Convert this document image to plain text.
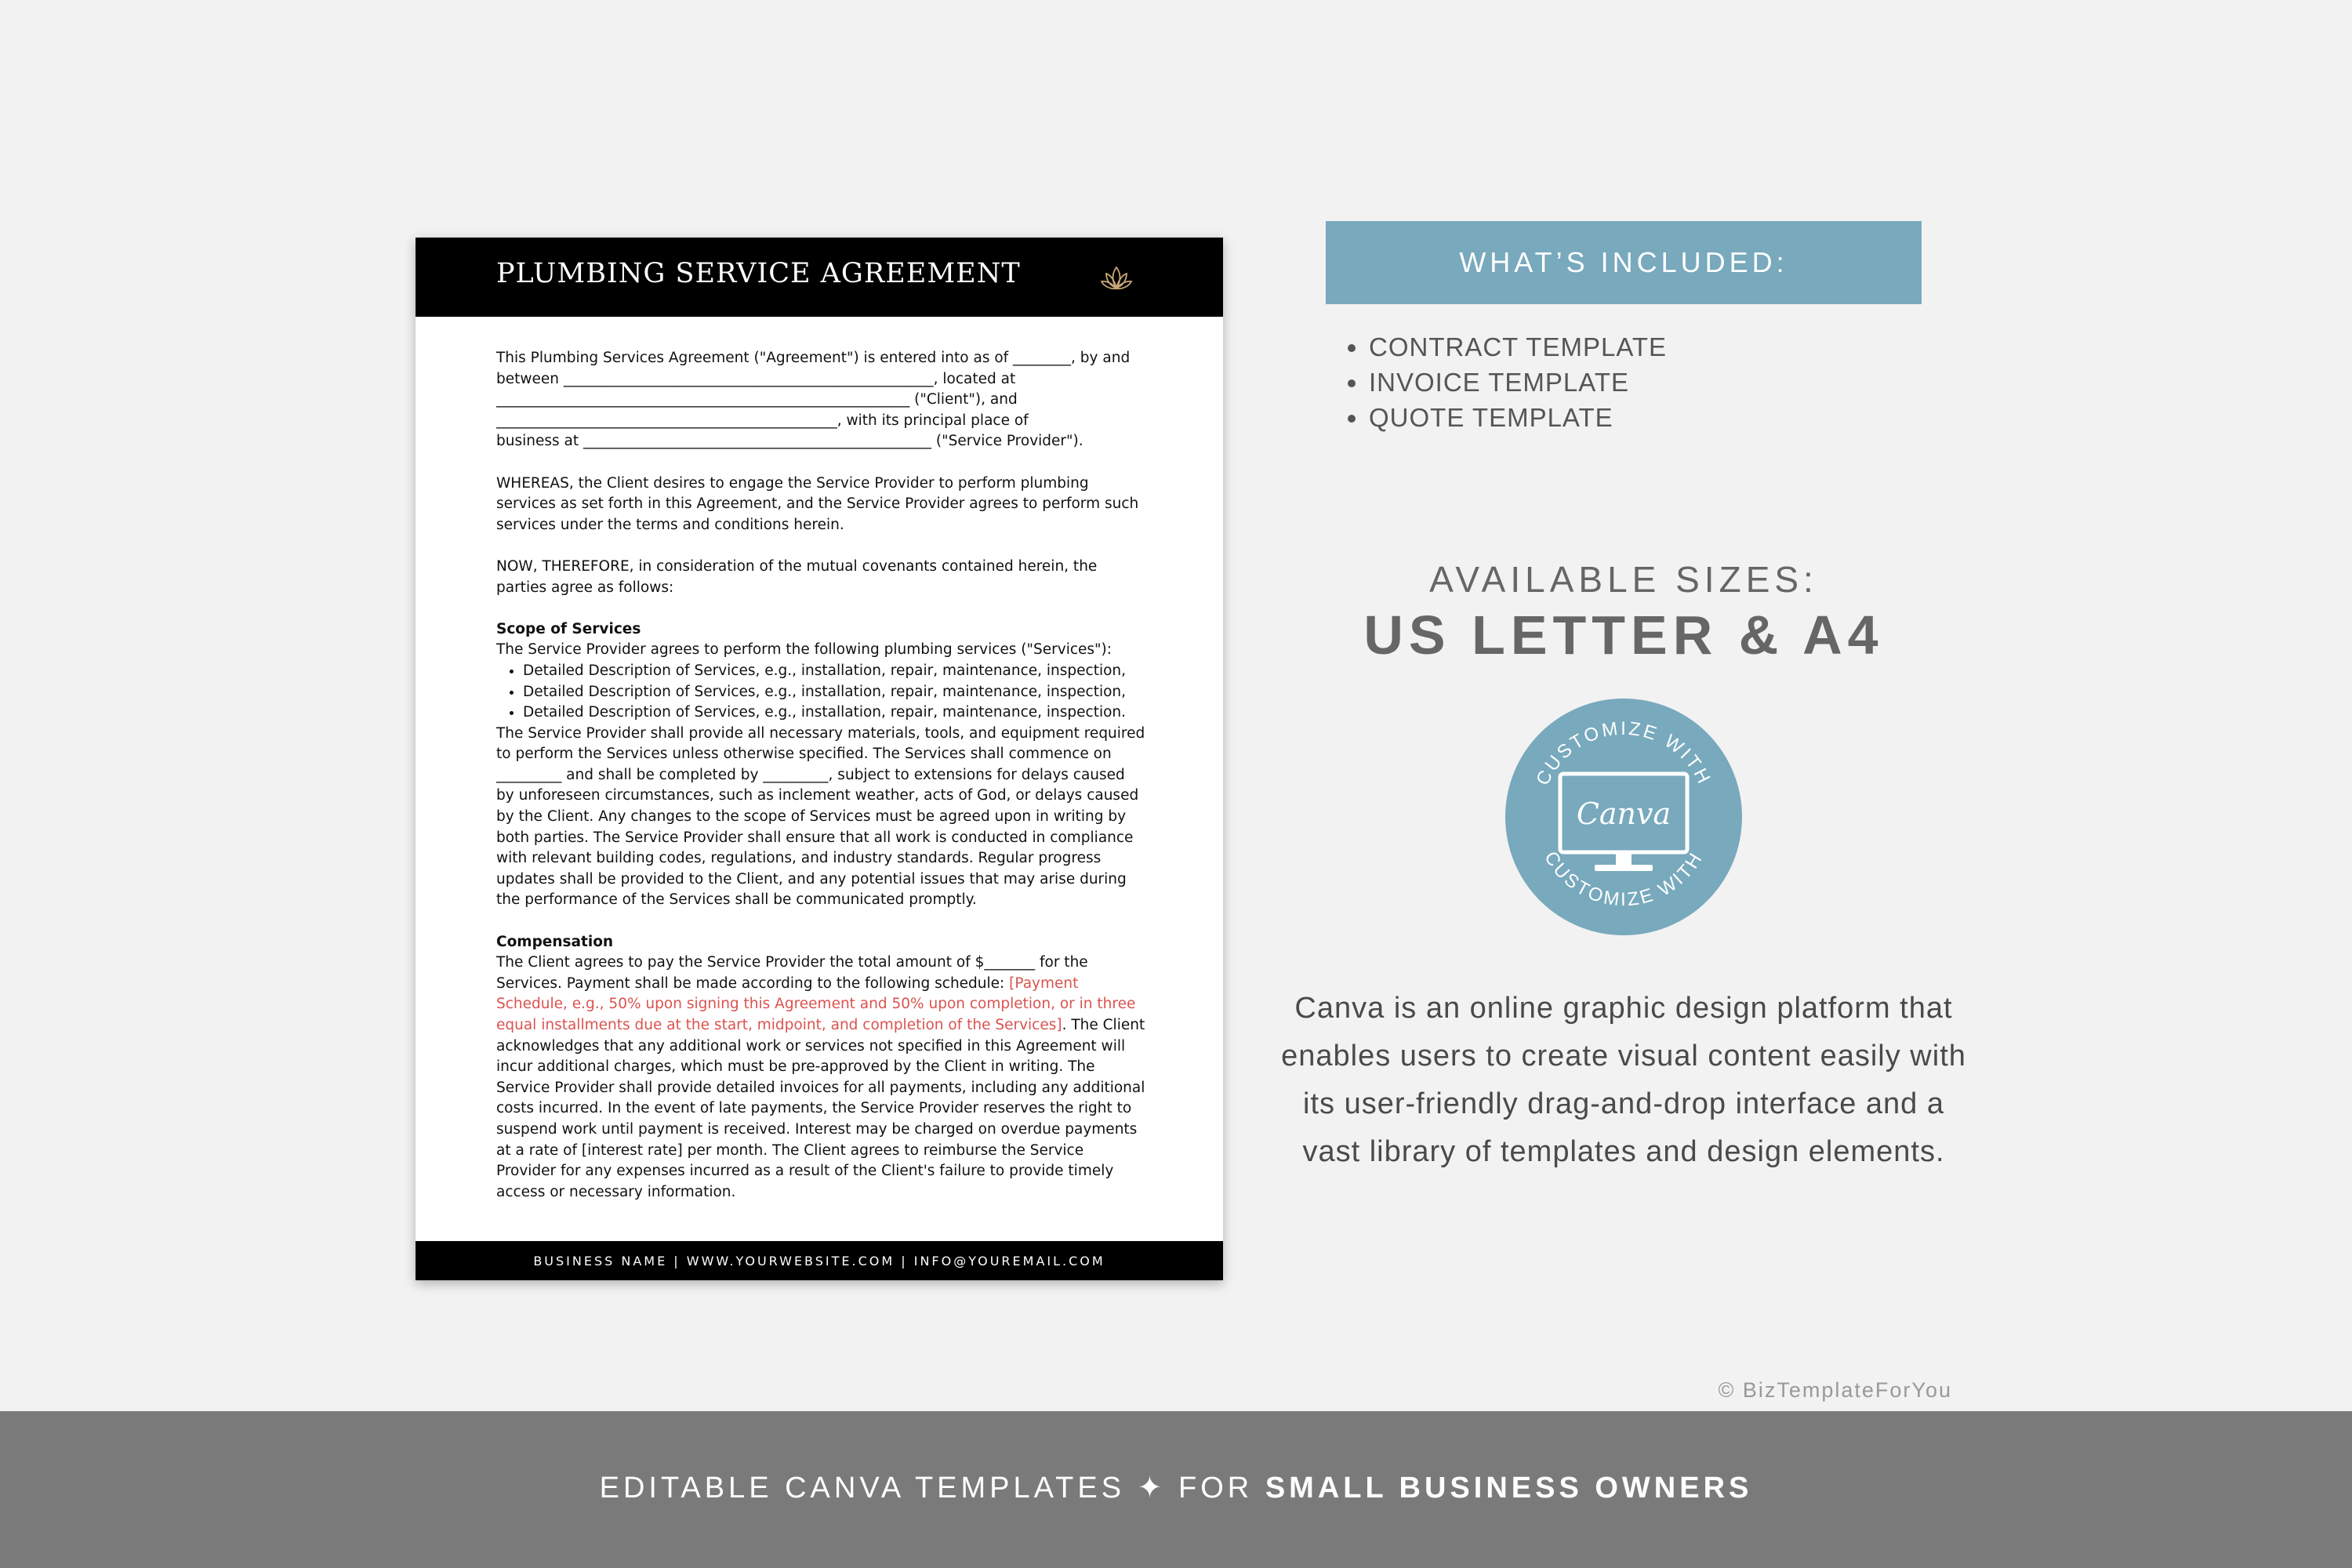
PLUMBING SERVICE AGREEMENT

This Plumbing Services Agreement ("Agreement") is entered into as of ________, by and
between ___________________________________________________, located at
_________________________________________________________ ("Client"), and
_______________________________________________, with its principal place of
business at ________________________________________________ ("Service Provider").

WHEREAS, the Client desires to engage the Service Provider to perform plumbing services as set forth in this Agreement, and the Service Provider agrees to perform such services under the terms and conditions herein.

NOW, THEREFORE, in consideration of the mutual covenants contained herein, the parties agree as follows:

Scope of Services

The Service Provider agrees to perform the following plumbing services ("Services"):

• Detailed Description of Services, e.g., installation, repair, maintenance, inspection,
• Detailed Description of Services, e.g., installation, repair, maintenance, inspection,
• Detailed Description of Services, e.g., installation, repair, maintenance, inspection.

The Service Provider shall provide all necessary materials, tools, and equipment required to perform the Services unless otherwise specified. The Services shall commence on _________ and shall be completed by _________, subject to extensions for delays caused by unforeseen circumstances, such as inclement weather, acts of God, or delays caused by the Client. Any changes to the scope of Services must be agreed upon in writing by both parties. The Service Provider shall ensure that all work is conducted in compliance with relevant building codes, regulations, and industry standards. Regular progress updates shall be provided to the Client, and any potential issues that may arise during the performance of the Services shall be communicated promptly.

Compensation

The Client agrees to pay the Service Provider the total amount of $_______ for the Services. Payment shall be made according to the following schedule: [Payment Schedule, e.g., 50% upon signing this Agreement and 50% upon completion, or in three equal installments due at the start, midpoint, and completion of the Services]. The Client acknowledges that any additional work or services not specified in this Agreement will incur additional charges, which must be pre-approved by the Client in writing. The Service Provider shall provide detailed invoices for all payments, including any additional costs incurred. In the event of late payments, the Service Provider reserves the right to suspend work until payment is received. Interest may be charged on overdue payments at a rate of [interest rate] per month. The Client agrees to reimburse the Service Provider for any expenses incurred as a result of the Client's failure to provide timely access or necessary information.

BUSINESS NAME | WWW.YOURWEBSITE.COM | INFO@YOUREMAIL.COM
WHAT’S INCLUDED:
• CONTRACT TEMPLATE
• INVOICE TEMPLATE
• QUOTE TEMPLATE
AVAILABLE SIZES:
US LETTER & A4
CUSTOMIZE WITH
CUSTOMIZE WITH
Canva
Canva is an online graphic design platform that enables users to create visual content easily with its user-friendly drag-and-drop interface and a vast library of templates and design elements.
© BizTemplateForYou
EDITABLE CANVA TEMPLATES ✦ FOR SMALL BUSINESS OWNERS
